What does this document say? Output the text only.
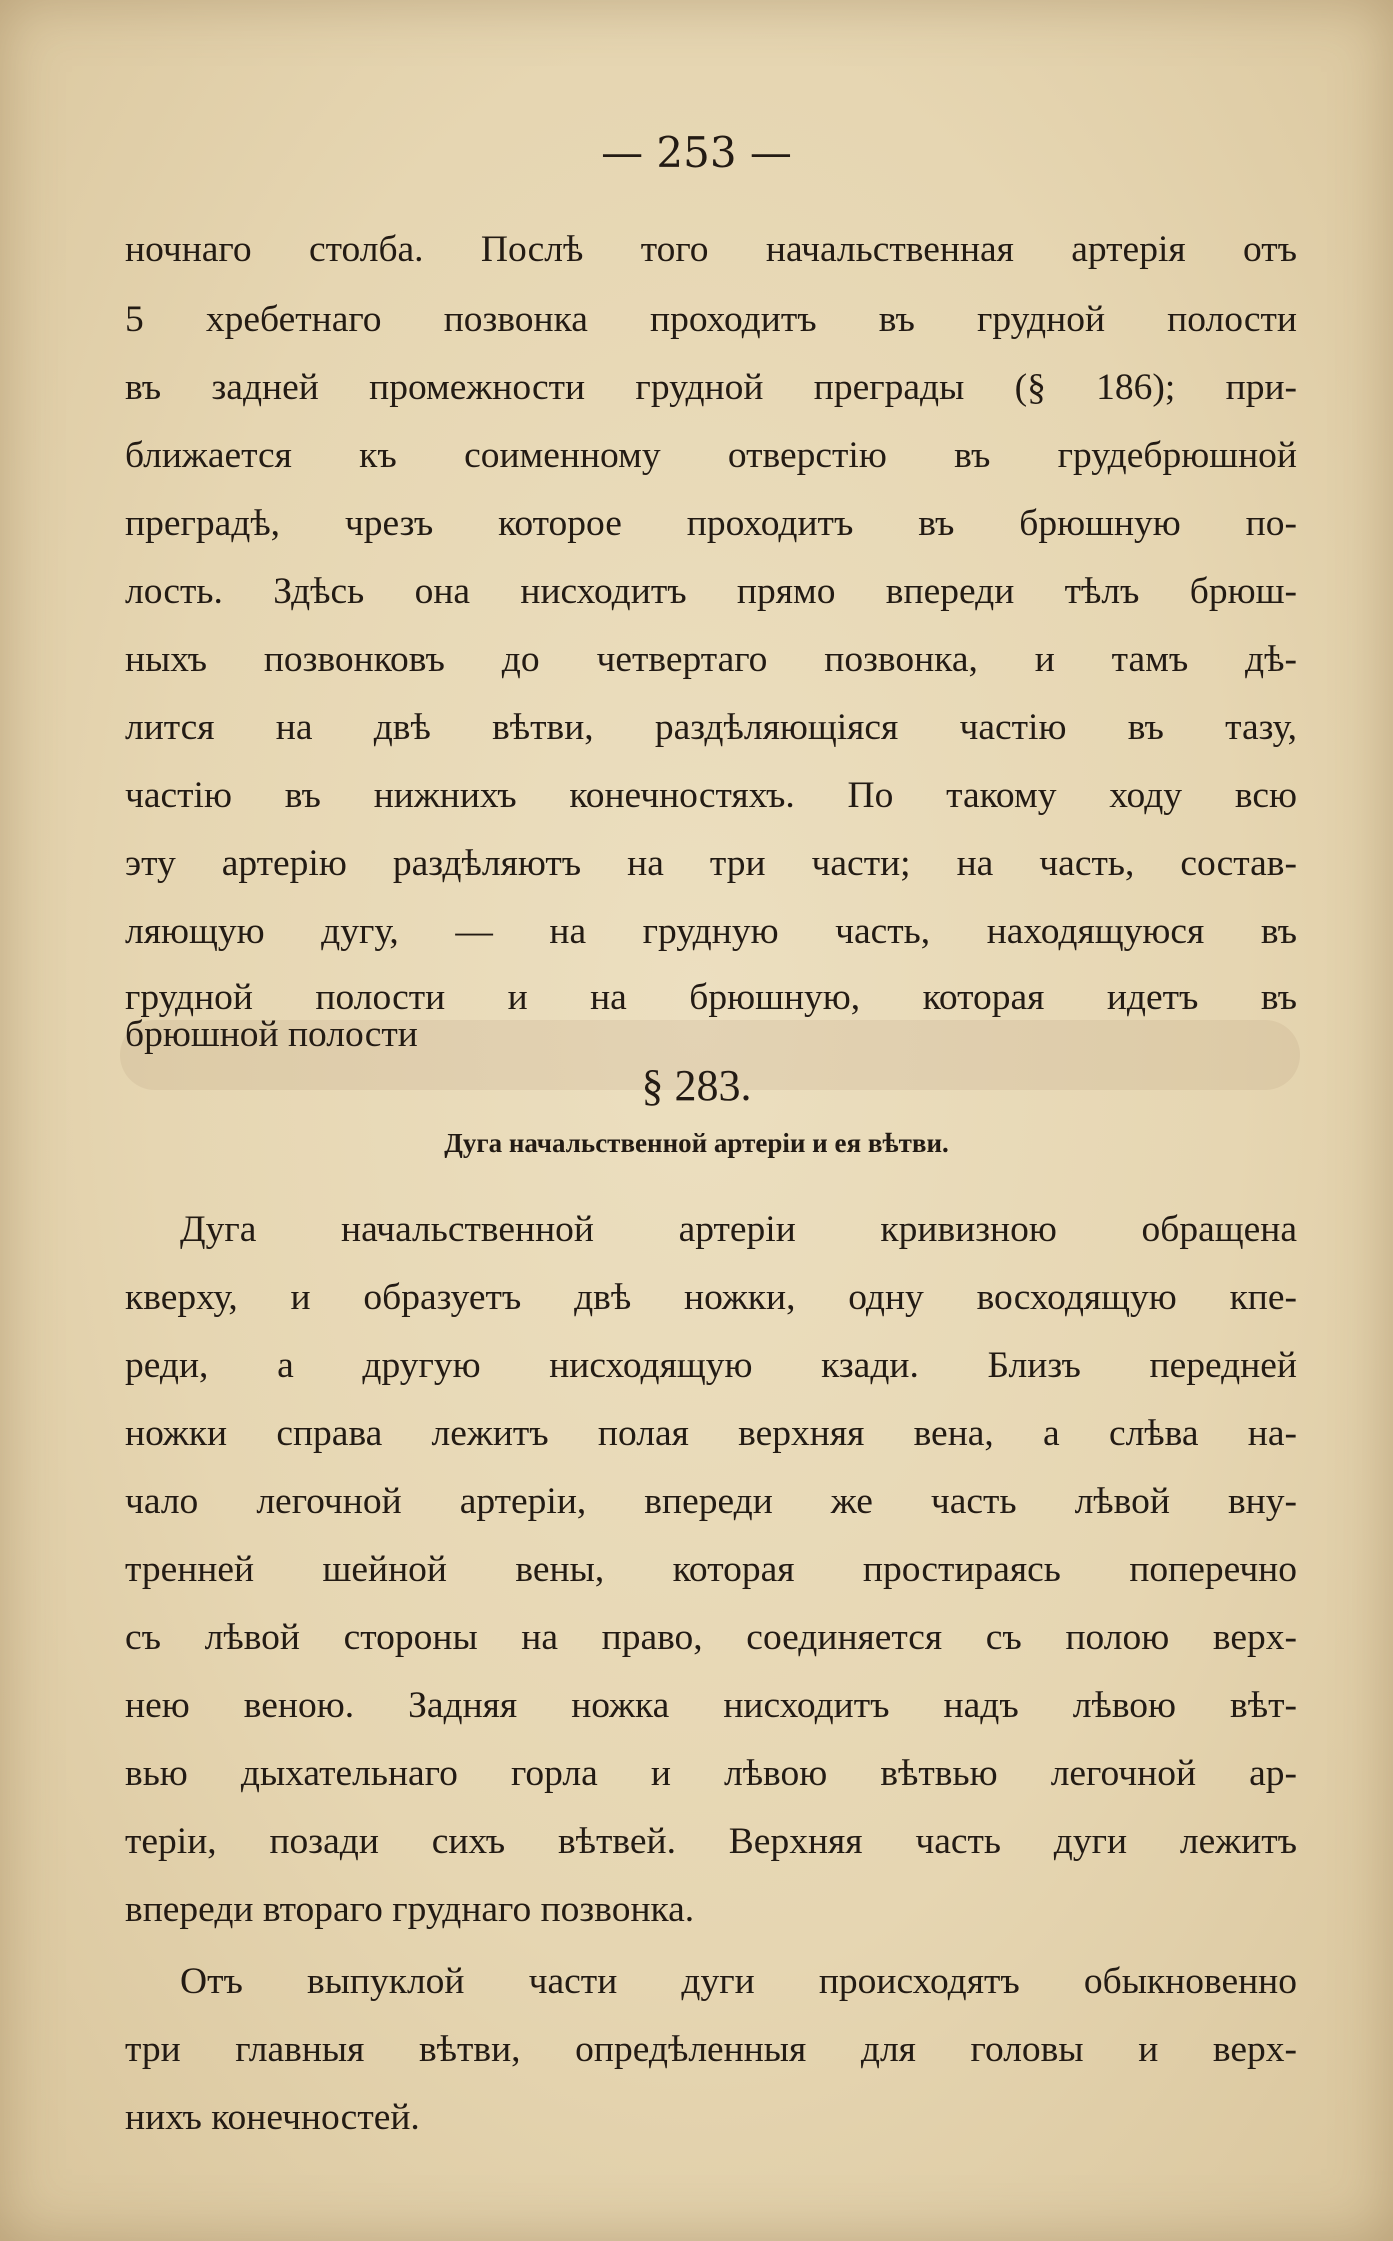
— 253 —
ночнаго столба. Послѣ того начальственная артерія отъ
5 хребетнаго позвонка проходитъ въ грудной полости
въ задней промежности грудной преграды (§ 186); при-
ближается къ соименному отверстію въ грудебрюшной
преградѣ, чрезъ которое проходитъ въ брюшную по-
лость. Здѣсь она нисходитъ прямо впереди тѣлъ брюш-
ныхъ позвонковъ до четвертаго позвонка, и тамъ дѣ-
лится на двѣ вѣтви, раздѣляющіяся частію въ тазу,
частію въ нижнихъ конечностяхъ. По такому ходу всю
эту артерію раздѣляютъ на три части; на часть, состав-
ляющую дугу, — на грудную часть, находящуюся въ
грудной полости и на брюшную, которая идетъ въ
брюшной полости
§ 283.
Дуга начальственной артеріи и ея вѣтви.
Дуга начальственной артеріи кривизною обращена
кверху, и образуетъ двѣ ножки, одну восходящую кпе-
реди, а другую нисходящую кзади. Близъ передней
ножки справа лежитъ полая верхняя вена, а слѣва на-
чало легочной артеріи, впереди же часть лѣвой вну-
тренней шейной вены, которая простираясь поперечно
съ лѣвой стороны на право, соединяется съ полою верх-
нею веною. Задняя ножка нисходитъ надъ лѣвою вѣт-
вью дыхательнаго горла и лѣвою вѣтвью легочной ар-
теріи, позади сихъ вѣтвей. Верхняя часть дуги лежитъ
впереди втораго груднаго позвонка.
Отъ выпуклой части дуги происходятъ обыкновенно
три главныя вѣтви, опредѣленныя для головы и верх-
нихъ конечностей.
